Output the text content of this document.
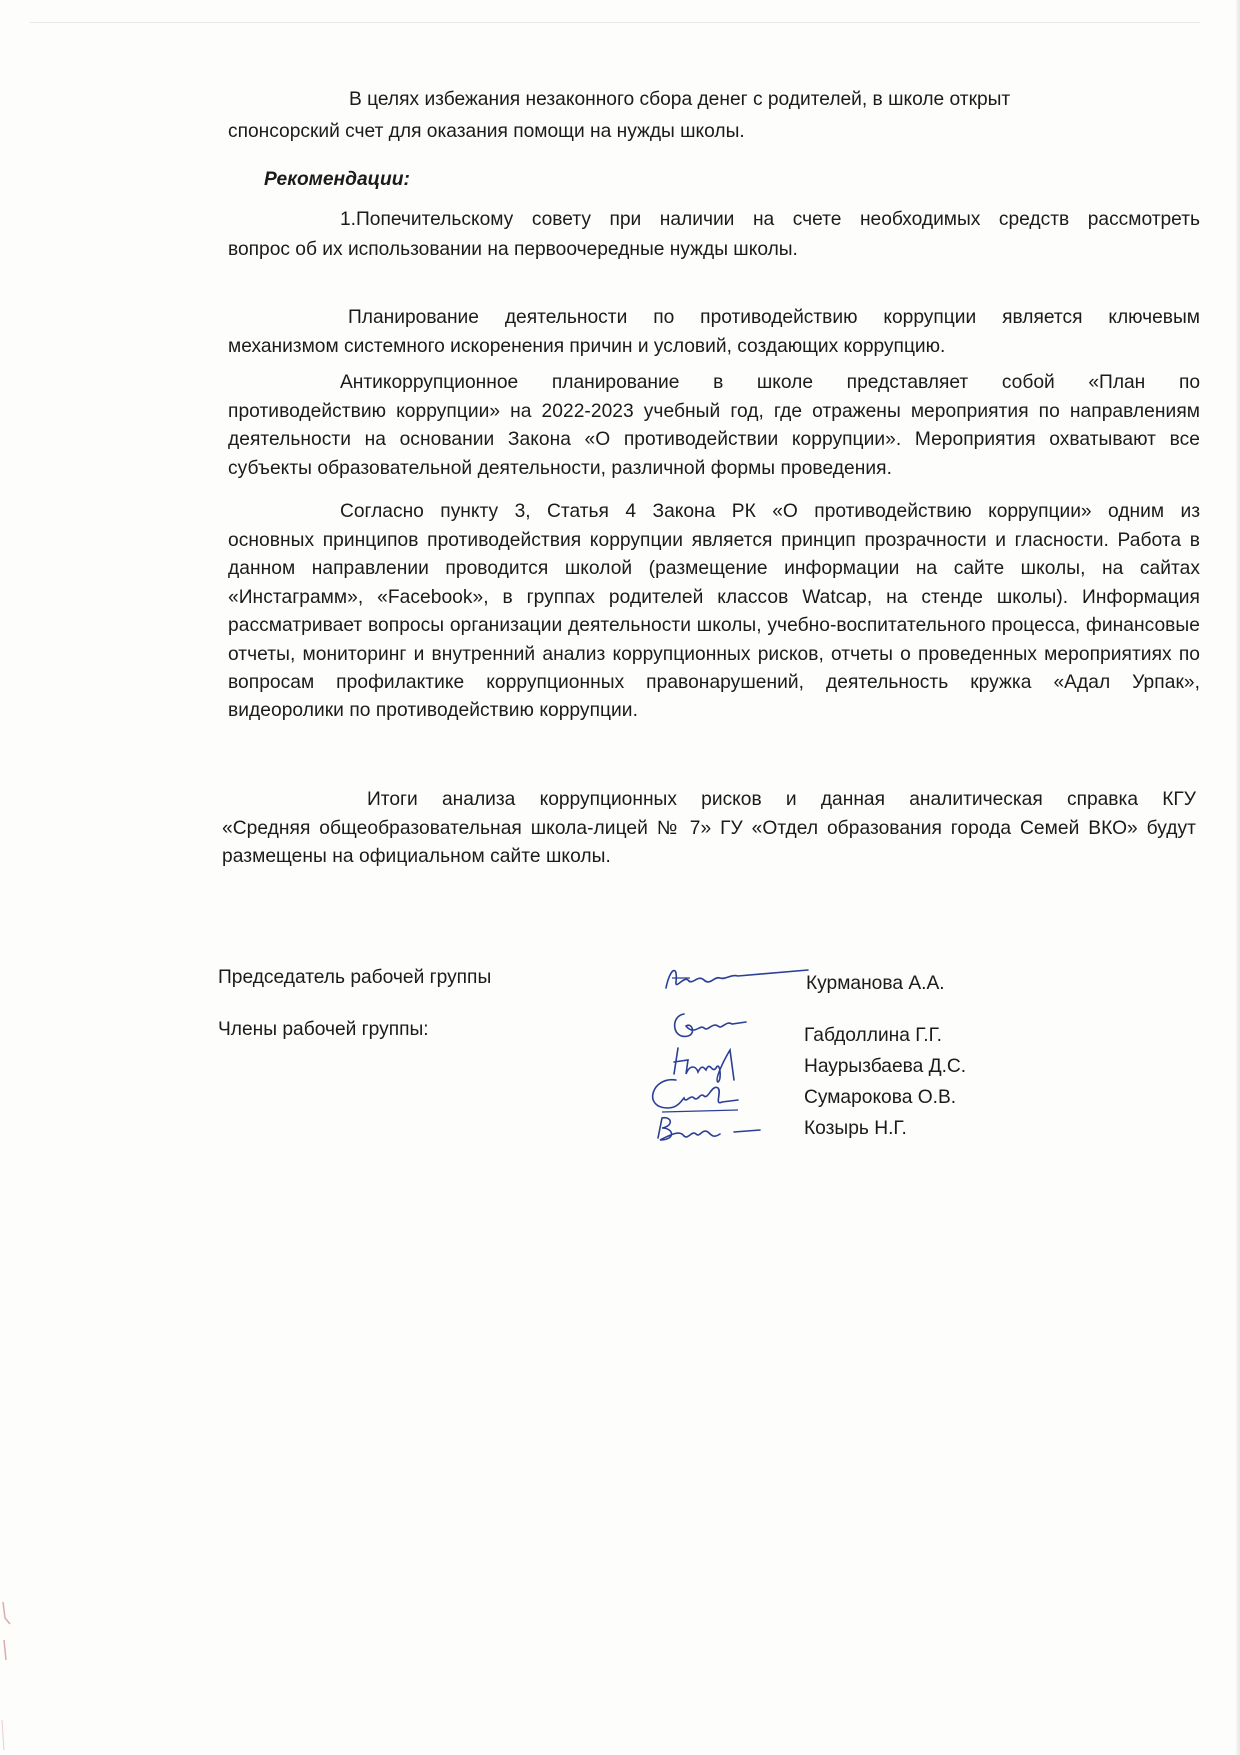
В целях избежания незаконного сбора денег с родителей, в школе открыт
спонсорский счет для оказания помощи на нужды школы.
Рекомендации:
1.Попечительскому совету при наличии на счете необходимых средств рассмотреть
вопрос об их использовании на первоочередные нужды школы.
Планирование деятельности по противодействию коррупции является ключевым
механизмом системного искоренения причин и условий, создающих коррупцию.
Антикоррупционное планирование в школе представляет собой «План по

противодействию коррупции» на 2022-2023 учебный год, где отражены мероприятия по направлениям деятельности на основании Закона «О противодействии коррупции». Мероприятия охватывают все субъекты образовательной деятельности, различной формы проведения.

Согласно пункту 3, Статья 4 Закона РК «О противодействию коррупции» одним из

основных принципов противодействия коррупции является принцип прозрачности и гласности. Работа в данном направлении проводится школой (размещение информации на сайте школы, на сайтах «Инстаграмм», «Facebook», в группах родителей классов Watcap, на стенде школы). Информация рассматривает вопросы организации деятельности школы, учебно-воспитательного процесса, финансовые отчеты, мониторинг и внутренний анализ коррупционных рисков, отчеты о проведенных мероприятиях по вопросам профилактике коррупционных правонарушений, деятельность кружка «Адал Урпак», видеоролики по противодействию коррупции.

Итоги анализа коррупционных рисков и данная аналитическая справка КГУ

«Средняя общеобразовательная школа-лицей № 7» ГУ «Отдел образования города Семей ВКО» будут размещены на официальном сайте школы.

Председатель рабочей группы	Курманова А.А.
Члены рабочей группы:	Габдоллина Г.Г.
Наурызбаева Д.С.
Сумарокова О.В.
Козырь Н.Г.
